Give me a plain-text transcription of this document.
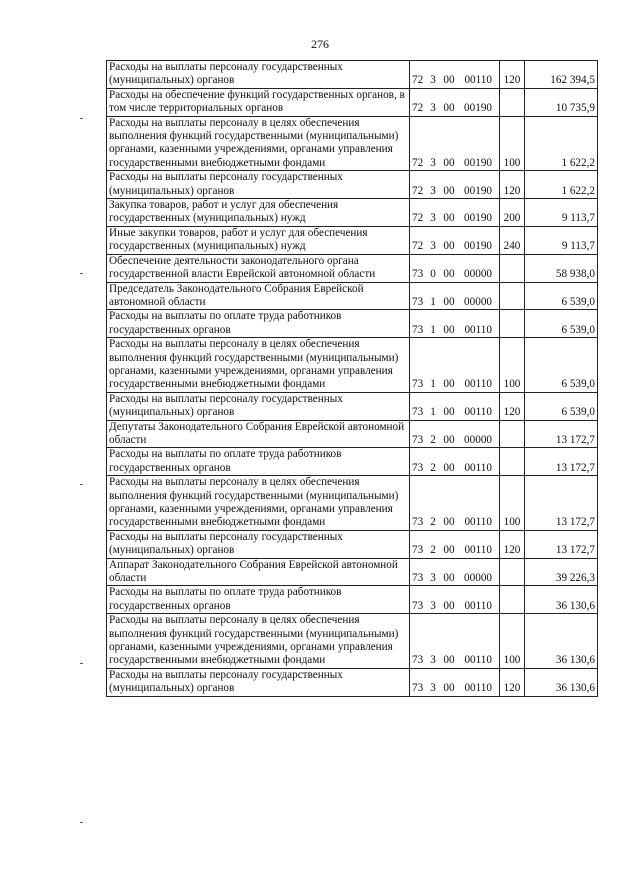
276
Расходы на выплаты персоналу государственных (муниципальных) органов	72 3 00 00110	120	162 394,5
Расходы на обеспечение функций государственных органов, в том числе территориальных органов	72 3 00 00190		10 735,9
Расходы на выплаты персоналу в целях обеспечения выполнения функций государственными (муниципальными) органами, казенными учреждениями, органами управления государственными внебюджетными фондами	72 3 00 00190	100	1 622,2
Расходы на выплаты персоналу государственных (муниципальных) органов	72 3 00 00190	120	1 622,2
Закупка товаров, работ и услуг для обеспечения государственных (муниципальных) нужд	72 3 00 00190	200	9 113,7
Иные закупки товаров, работ и услуг для обеспечения государственных (муниципальных) нужд	72 3 00 00190	240	9 113,7
Обеспечение деятельности законодательного органа государственной власти Еврейской автономной области	73 0 00 00000		58 938,0
Председатель Законодательного Собрания Еврейской автономной области	73 1 00 00000		6 539,0
Расходы на выплаты по оплате труда работников государственных органов	73 1 00 00110		6 539,0
Расходы на выплаты персоналу в целях обеспечения выполнения функций государственными (муниципальными) органами, казенными учреждениями, органами управления государственными внебюджетными фондами	73 1 00 00110	100	6 539,0
Расходы на выплаты персоналу государственных (муниципальных) органов	73 1 00 00110	120	6 539,0
Депутаты Законодательного Собрания Еврейской автономной области	73 2 00 00000		13 172,7
Расходы на выплаты по оплате труда работников государственных органов	73 2 00 00110		13 172,7
Расходы на выплаты персоналу в целях обеспечения выполнения функций государственными (муниципальными) органами, казенными учреждениями, органами управления государственными внебюджетными фондами	73 2 00 00110	100	13 172,7
Расходы на выплаты персоналу государственных (муниципальных) органов	73 2 00 00110	120	13 172,7
Аппарат Законодательного Собрания Еврейской автономной области	73 3 00 00000		39 226,3
Расходы на выплаты по оплате труда работников государственных органов	73 3 00 00110		36 130,6
Расходы на выплаты персоналу в целях обеспечения выполнения функций государственными (муниципальными) органами, казенными учреждениями, органами управления государственными внебюджетными фондами	73 3 00 00110	100	36 130,6
Расходы на выплаты персоналу государственных (муниципальных) органов	73 3 00 00110	120	36 130,6
